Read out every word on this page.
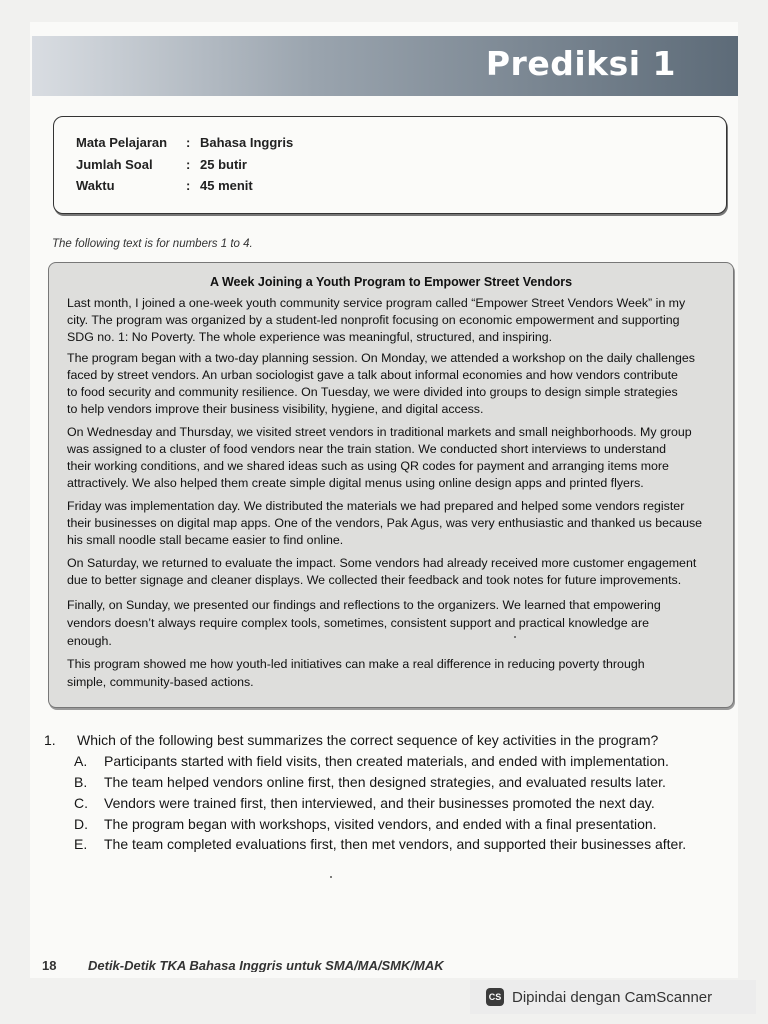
Prediksi 1
Mata Pelajaran : Bahasa Inggris
Jumlah Soal	: 25 butir
Waktu	: 45 menit
The following text is for numbers 1 to 4.
A Week Joining a Youth Program to Empower Street Vendors
Last month, I joined a one-week youth community service program called “Empower Street Vendors Week” in my
city. The program was organized by a student-led nonprofit focusing on economic empowerment and supporting
SDG no. 1: No Poverty. The whole experience was meaningful, structured, and inspiring.
The program began with a two-day planning session. On Monday, we attended a workshop on the daily challenges
faced by street vendors. An urban sociologist gave a talk about informal economies and how vendors contribute
to food security and community resilience. On Tuesday, we were divided into groups to design simple strategies
to help vendors improve their business visibility, hygiene, and digital access.
On Wednesday and Thursday, we visited street vendors in traditional markets and small neighborhoods. My group
was assigned to a cluster of food vendors near the train station. We conducted short interviews to understand
their working conditions, and we shared ideas such as using QR codes for payment and arranging items more
attractively. We also helped them create simple digital menus using online design apps and printed flyers.
Friday was implementation day. We distributed the materials we had prepared and helped some vendors register
their businesses on digital map apps. One of the vendors, Pak Agus, was very enthusiastic and thanked us because
his small noodle stall became easier to find online.
On Saturday, we returned to evaluate the impact. Some vendors had already received more customer engagement
due to better signage and cleaner displays. We collected their feedback and took notes for future improvements.
Finally, on Sunday, we presented our findings and reflections to the organizers. We learned that empowering
vendors doesn’t always require complex tools, sometimes, consistent support and practical knowledge are
enough.
This program showed me how youth-led initiatives can make a real difference in reducing poverty through
simple, community-based actions.
1. Which of the following best summarizes the correct sequence of key activities in the program?
A. Participants started with field visits, then created materials, and ended with implementation.
B. The team helped vendors online first, then designed strategies, and evaluated results later.
C. Vendors were trained first, then interviewed, and their businesses promoted the next day.
D. The program began with workshops, visited vendors, and ended with a final presentation.
E. The team completed evaluations first, then met vendors, and supported their businesses after.
18 Detik-Detik TKA Bahasa Inggris untuk SMA/MA/SMK/MAK
CS Dipindai dengan CamScanner
